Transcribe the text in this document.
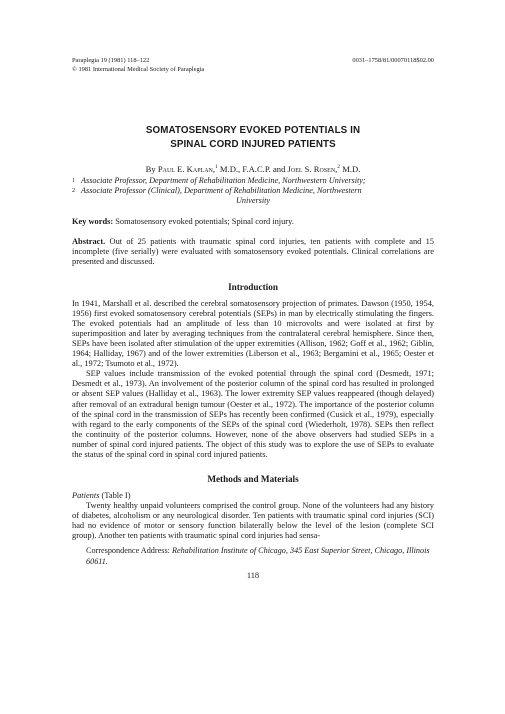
Paraplegia 19 (1981) 118–122
© 1981 International Medical Society of Paraplegia
0031–1758/81/00070118$02.00
SOMATOSENSORY EVOKED POTENTIALS IN
SPINAL CORD INJURED PATIENTS
By Paul E. Kaplan,$^1$ M.D., F.A.C.P. and Joel S. Rosen,$^2$ M.D.
1 Associate Professor, Department of Rehabilitation Medicine, Northwestern University;
2 Associate Professor (Clinical), Department of Rehabilitation Medicine, Northwestern
University
Key words: Somatosensory evoked potentials; Spinal cord injury.
Abstract. Out of 25 patients with traumatic spinal cord injuries, ten patients with complete and 15 incomplete (five serially) were evaluated with somatosensory evoked potentials. Clinical correlations are presented and discussed.
Introduction

In 1941, Marshall et al. described the cerebral somatosensory projection of primates. Dawson (1950, 1954, 1956) first evoked somatosensory cerebral potentials (SEPs) in man by electrically stimulating the fingers. The evoked potentials had an amplitude of less than 10 microvolts and were isolated at first by superimposition and later by averaging techniques from the contralateral cerebral hemisphere. Since then, SEPs have been isolated after stimulation of the upper extremities (Allison, 1962; Goff et al., 1962; Giblin, 1964; Halliday, 1967) and of the lower extremities (Liberson et al., 1963; Bergamini et al., 1965; Oester et al., 1972; Tsumoto et al., 1972).

SEP values include transmission of the evoked potential through the spinal cord (Desmedt, 1971; Desmedt et al., 1973). An involvement of the posterior column of the spinal cord has resulted in prolonged or absent SEP values (Halliday et al., 1963). The lower extremity SEP values reappeared (though delayed) after removal of an extradural benign tumour (Oester et al., 1972). The importance of the posterior column of the spinal cord in the transmission of SEPs has recently been confirmed (Cusick et al., 1979), especially with regard to the early components of the SEPs of the spinal cord (Wiederholt, 1978). SEPs then reflect the continuity of the posterior columns. However, none of the above observers had studied SEPs in a number of spinal cord injured patients. The object of this study was to explore the use of SEPs to evaluate the status of the spinal cord in spinal cord injured patients.

Methods and Materials
Patients (Table I)

Twenty healthy unpaid volunteers comprised the control group. None of the volunteers had any history of diabetes, alcoholism or any neurological disorder. Ten patients with traumatic spinal cord injuries (SCI) had no evidence of motor or sensory function bilaterally below the level of the lesion (complete SCI group). Another ten patients with traumatic spinal cord injuries had sensa-

Correspondence Address: Rehabilitation Institute of Chicago, 345 East Superior Street, Chicago, Illinois 60611.
118
